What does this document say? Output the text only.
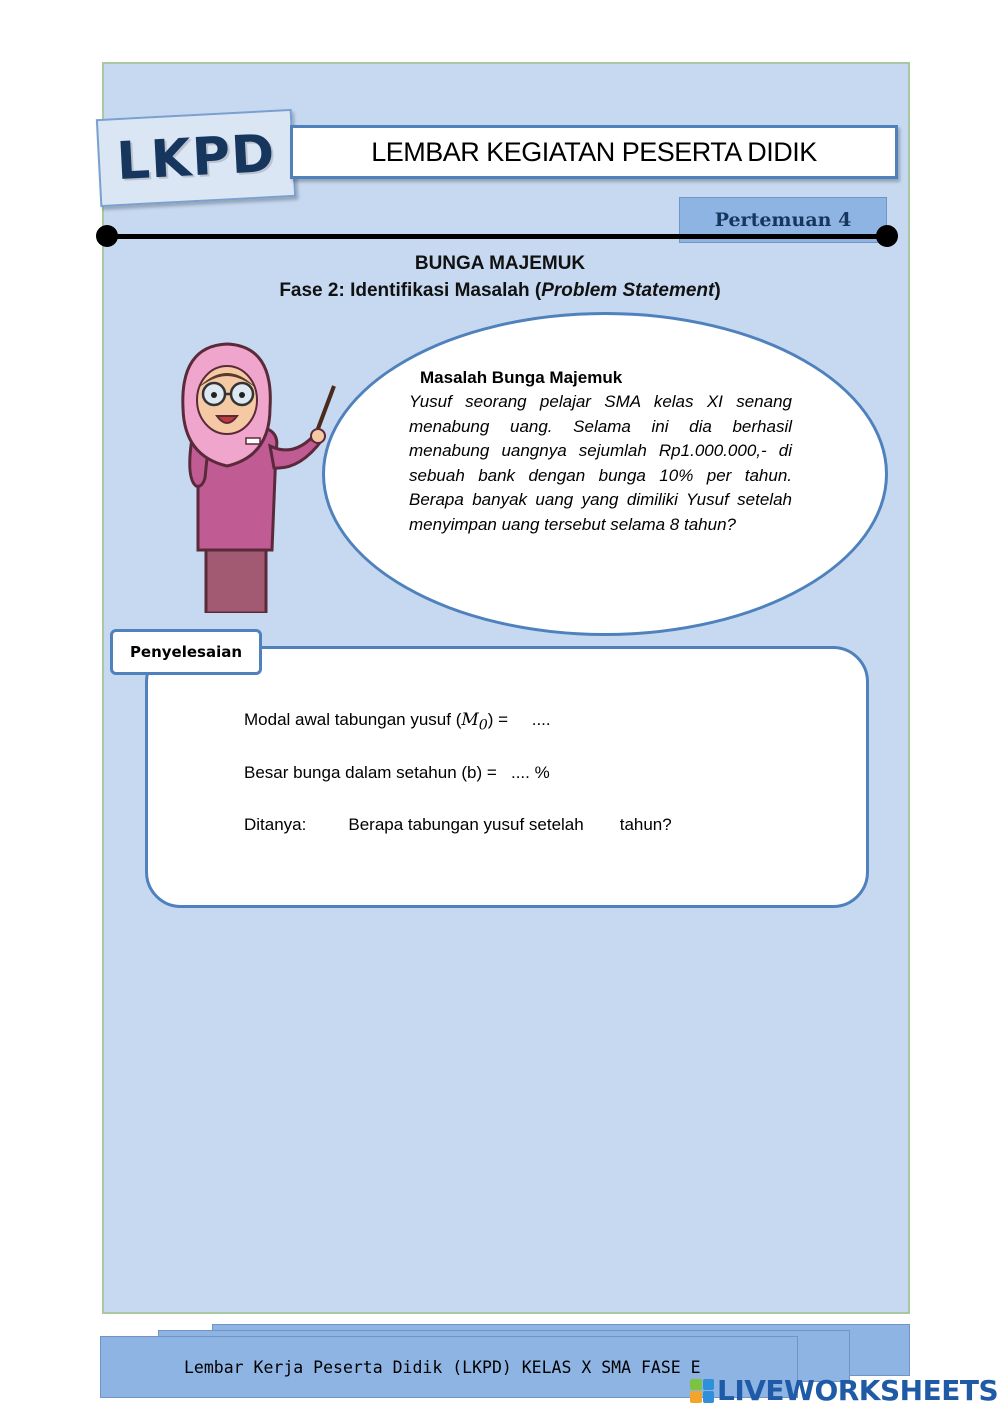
LKPD	LEMBAR KEGIATAN PESERTA DIDIK
Pertemuan 4
BUNGA MAJEMUK
Fase 2: Identifikasi Masalah (Problem Statement)
Masalah Bunga Majemuk
Yusuf seorang pelajar SMA kelas XI senang menabung uang. Selama ini dia berhasil menabung uangnya sejumlah Rp1.000.000,- di sebuah bank dengan bunga 10% per tahun. Berapa banyak uang yang dimiliki Yusuf setelah menyimpan uang tersebut selama 8 tahun?
Penyelesaian
Modal awal tabungan yusuf $(M_0)$ =     ....
Besar bunga dalam setahun (b) =   .... %
Ditanya: Berapa tabungan yusuf setelah tahun?
Lembar Kerja Peserta Didik (LKPD) KELAS X SMA FASE E
LIVEWORKSHEETS
